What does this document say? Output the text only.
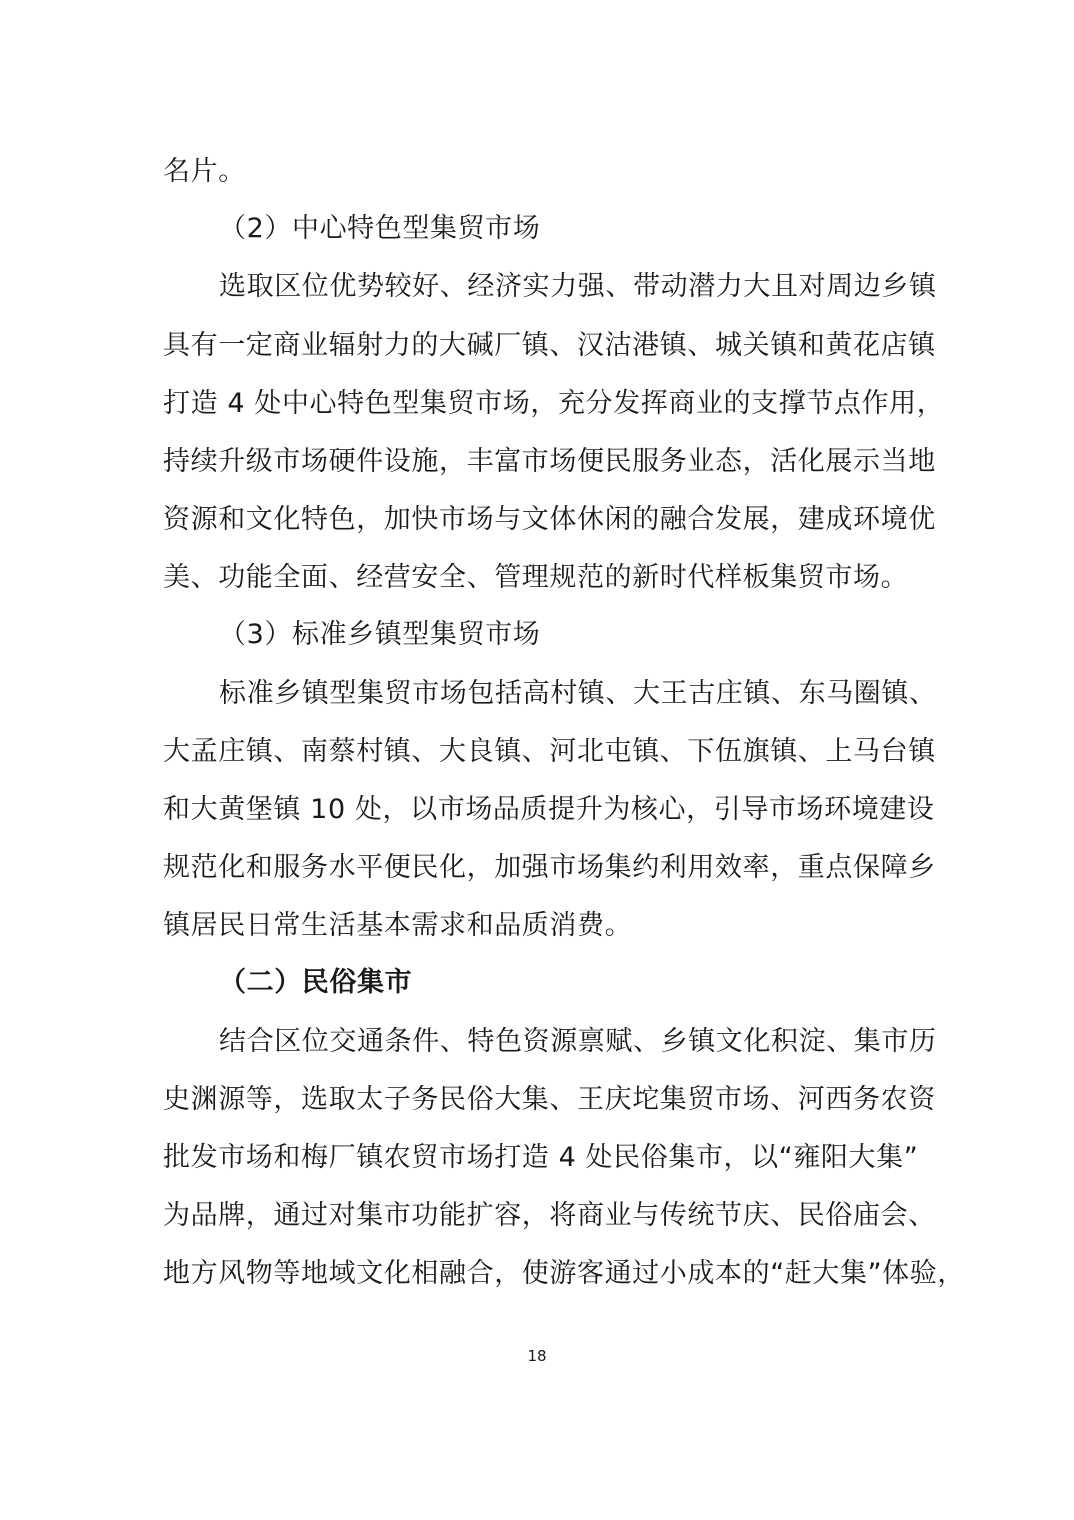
名片。
（2）中心特色型集贸市场
选取区位优势较好、经济实力强、带动潜力大且对周边乡镇
具有一定商业辐射力的大碱厂镇、汉沽港镇、城关镇和黄花店镇
打造 4 处中心特色型集贸市场，充分发挥商业的支撑节点作用，
持续升级市场硬件设施，丰富市场便民服务业态，活化展示当地
资源和文化特色，加快市场与文体休闲的融合发展，建成环境优
美、功能全面、经营安全、管理规范的新时代样板集贸市场。
（3）标准乡镇型集贸市场
标准乡镇型集贸市场包括高村镇、大王古庄镇、东马圈镇、
大孟庄镇、南蔡村镇、大良镇、河北屯镇、下伍旗镇、上马台镇
和大黄堡镇 10 处，以市场品质提升为核心，引导市场环境建设
规范化和服务水平便民化，加强市场集约利用效率，重点保障乡
镇居民日常生活基本需求和品质消费。
（二）民俗集市
结合区位交通条件、特色资源禀赋、乡镇文化积淀、集市历
史渊源等，选取太子务民俗大集、王庆坨集贸市场、河西务农资
批发市场和梅厂镇农贸市场打造 4 处民俗集市，以“雍阳大集”
为品牌，通过对集市功能扩容，将商业与传统节庆、民俗庙会、
地方风物等地域文化相融合，使游客通过小成本的“赶大集”体验，
18
